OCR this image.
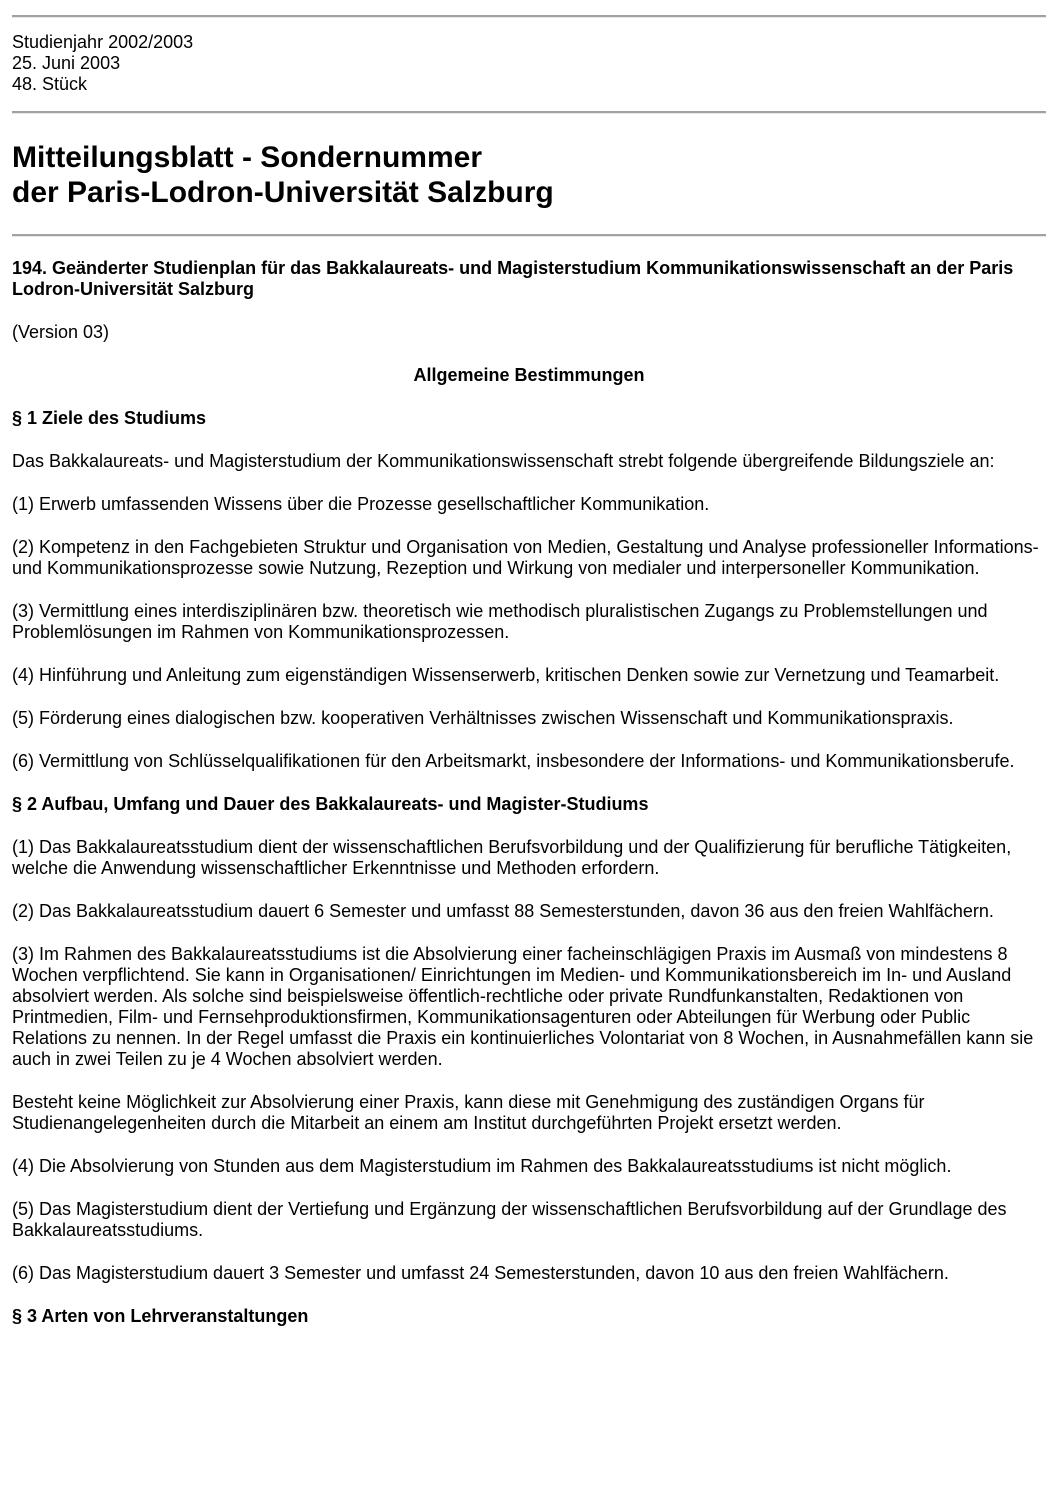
Studienjahr 2002/2003
25. Juni 2003
48. Stück
Mitteilungsblatt - Sondernummer
der Paris-Lodron-Universität Salzburg
194. Geänderter Studienplan für das Bakkalaureats- und Magisterstudium Kommunikationswissenschaft an der Paris Lodron-Universität Salzburg
(Version 03)
Allgemeine Bestimmungen
§ 1 Ziele des Studiums
Das Bakkalaureats- und Magisterstudium der Kommunikationswissenschaft strebt folgende übergreifende Bildungsziele an:
(1) Erwerb umfassenden Wissens über die Prozesse gesellschaftlicher Kommunikation.
(2) Kompetenz in den Fachgebieten Struktur und Organisation von Medien, Gestaltung und Analyse professioneller Informations- und Kommunikationsprozesse sowie Nutzung, Rezeption und Wirkung von medialer und interpersoneller Kommunikation.
(3) Vermittlung eines interdisziplinären bzw. theoretisch wie methodisch pluralistischen Zugangs zu Problemstellungen und Problemlösungen im Rahmen von Kommunikationsprozessen.
(4) Hinführung und Anleitung zum eigenständigen Wissenserwerb, kritischen Denken sowie zur Vernetzung und Teamarbeit.
(5) Förderung eines dialogischen bzw. kooperativen Verhältnisses zwischen Wissenschaft und Kommunikationspraxis.
(6) Vermittlung von Schlüsselqualifikationen für den Arbeitsmarkt, insbesondere der Informations- und Kommunikationsberufe.
§ 2 Aufbau, Umfang und Dauer des Bakkalaureats- und Magister-Studiums
(1) Das Bakkalaureatsstudium dient der wissenschaftlichen Berufsvorbildung und der Qualifizierung für berufliche Tätigkeiten, welche die Anwendung wissenschaftlicher Erkenntnisse und Methoden erfordern.
(2) Das Bakkalaureatsstudium dauert 6 Semester und umfasst 88 Semesterstunden, davon 36 aus den freien Wahlfächern.
(3) Im Rahmen des Bakkalaureatsstudiums ist die Absolvierung einer facheinschlägigen Praxis im Ausmaß von mindestens 8 Wochen verpflichtend. Sie kann in Organisationen/ Einrichtungen im Medien- und Kommunikationsbereich im In- und Ausland absolviert werden. Als solche sind beispielsweise öffentlich-rechtliche oder private Rundfunkanstalten, Redaktionen von Printmedien, Film- und Fernsehproduktionsfirmen, Kommunikationsagenturen oder Abteilungen für Werbung oder Public Relations zu nennen. In der Regel umfasst die Praxis ein kontinuierliches Volontariat von 8 Wochen, in Ausnahmefällen kann sie auch in zwei Teilen zu je 4 Wochen absolviert werden.
Besteht keine Möglichkeit zur Absolvierung einer Praxis, kann diese mit Genehmigung des zuständigen Organs für Studienangelegenheiten durch die Mitarbeit an einem am Institut durchgeführten Projekt ersetzt werden.
(4) Die Absolvierung von Stunden aus dem Magisterstudium im Rahmen des Bakkalaureatsstudiums ist nicht möglich.
(5) Das Magisterstudium dient der Vertiefung und Ergänzung der wissenschaftlichen Berufsvorbildung auf der Grundlage des Bakkalaureatsstudiums.
(6) Das Magisterstudium dauert 3 Semester und umfasst 24 Semesterstunden, davon 10 aus den freien Wahlfächern.
§ 3 Arten von Lehrveranstaltungen
